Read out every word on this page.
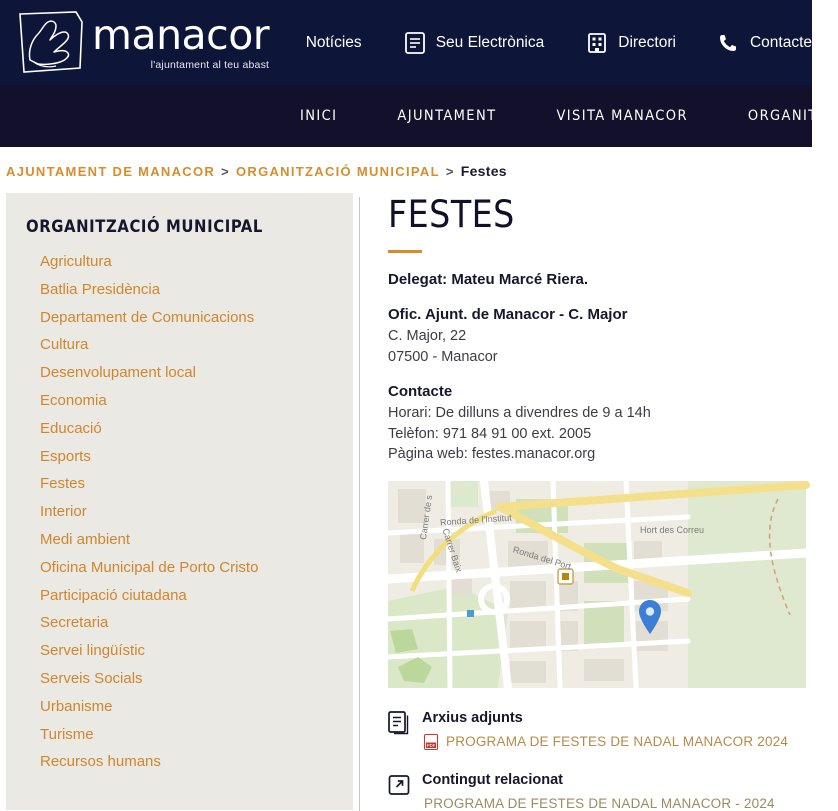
manacor
l'ajuntament al teu abast
Notícies	Seu Electrònica	Directori	Contacte
INICI	AJUNTAMENT	VISITA MANACOR	ORGANITZA
AJUNTAMENT DE MANACOR > ORGANITZACIÓ MUNICIPAL > Festes
ORGANITZACIÓ MUNICIPAL
Agricultura
Batlia Presidència
Departament de Comunicacions
Cultura
Desenvolupament local
Economia
Educació
Esports
Festes
Interior
Medi ambient
Oficina Municipal de Porto Cristo
Participació ciutadana
Secretaria
Servei lingüístic
Serveis Socials
Urbanisme
Turisme
Recursos humans
FESTES
Delegat: Mateu Marcé Riera.
Ofic. Ajunt. de Manacor - C. Major
C. Major, 22
07500 - Manacor
Contacte
Horari: De dilluns a divendres de 9 a 14h
Telèfon: 971 84 91 00 ext. 2005
Pàgina web: festes.manacor.org
Ronda de l'Institut
Carrer de s
Carrer Baix	Ronda del Port
Hort des Correu
Arxius adjunts
PDF PROGRAMA DE FESTES DE NADAL MANACOR 2024
Contingut relacionat
PROGRAMA DE FESTES DE NADAL MANACOR - 2024
